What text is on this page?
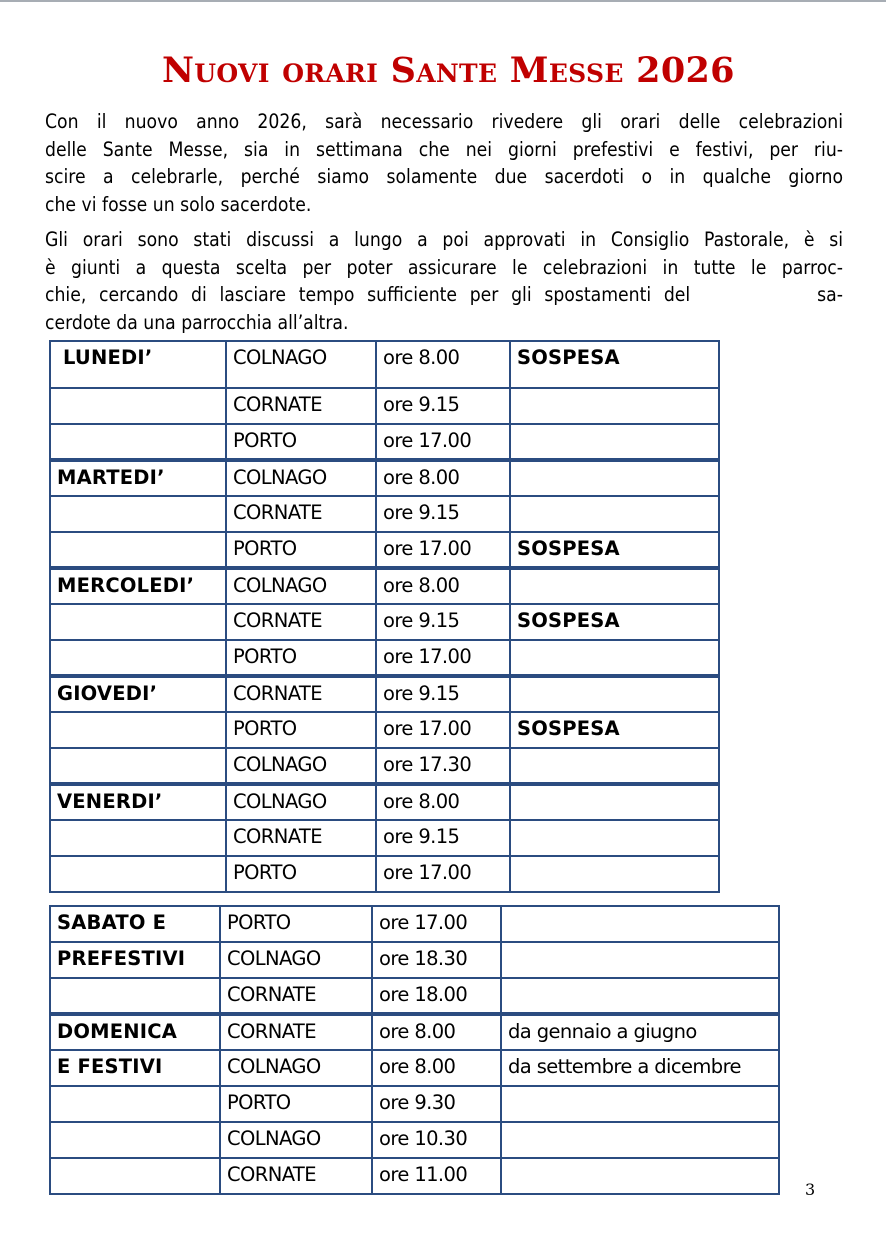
Nuovi orari Sante Messe 2026
Con il nuovo anno 2026, sarà necessario rivedere gli orari delle celebrazioni
delle Sante Messe, sia in settimana che nei giorni prefestivi e festivi, per riu-
scire a celebrarle, perché siamo solamente due sacerdoti o in qualche giorno
che vi fosse un solo sacerdote.
Gli orari sono stati discussi a lungo a poi approvati in Consiglio Pastorale, è si
è giunti a questa scelta per poter assicurare le celebrazioni in tutte le parroc-
chie, cercando di lasciare tempo sufficiente per gli spostamenti del          sa-
cerdote da una parrocchia all’altra.
LUNEDI’	COLNAGO	ore 8.00	SOSPESA
	CORNATE	ore 9.15	
	PORTO	ore 17.00	
MARTEDI’	COLNAGO	ore 8.00	
	CORNATE	ore 9.15	
	PORTO	ore 17.00	SOSPESA
MERCOLEDI’	COLNAGO	ore 8.00	
	CORNATE	ore 9.15	SOSPESA
	PORTO	ore 17.00	
GIOVEDI’	CORNATE	ore 9.15	
	PORTO	ore 17.00	SOSPESA
	COLNAGO	ore 17.30	
VENERDI’	COLNAGO	ore 8.00	
	CORNATE	ore 9.15	
	PORTO	ore 17.00	
SABATO E	PORTO	ore 17.00	
PREFESTIVI	COLNAGO	ore 18.30	
	CORNATE	ore 18.00	
DOMENICA	CORNATE	ore 8.00	da gennaio a giugno
E FESTIVI	COLNAGO	ore 8.00	da settembre a dicembre
	PORTO	ore 9.30	
	COLNAGO	ore 10.30	
	CORNATE	ore 11.00	
3
